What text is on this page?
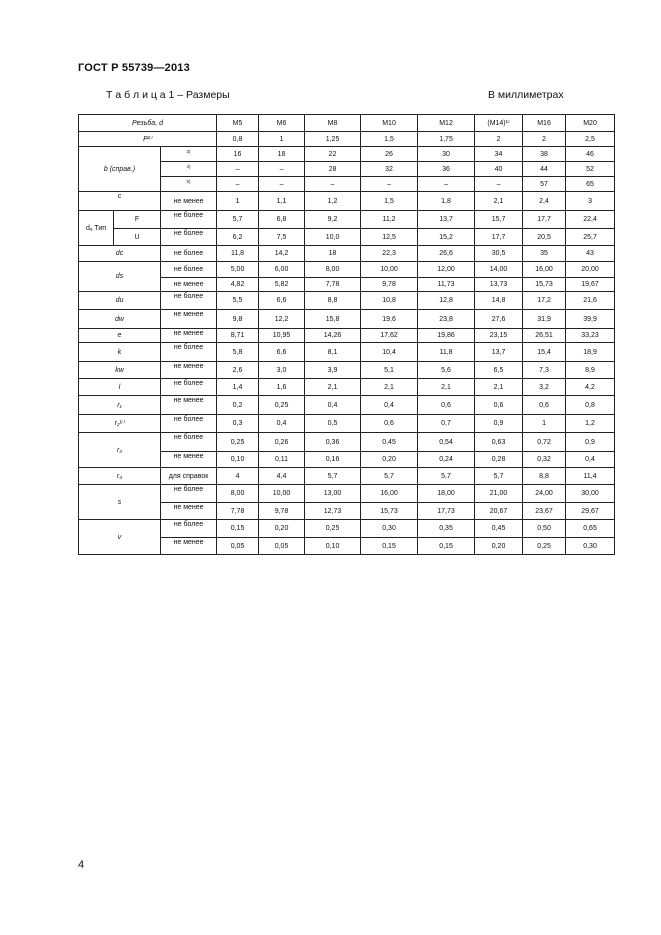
ГОСТ Р 55739—2013
Т а б л и ц а 1 – Размеры	В миллиметрах
Резьба, d			M5	M6	M8	M10	M12	(M14)¹⁾	M16	M20
P²⁾			0,8	1	1,25	1,5	1,75	2	2	2,5
b (справ.)		3)	16	18	22	26	30	34	38	46
		4)	–	–	28	32	36	40	44	52
		5)	–	–	–	–	–	–	57	65
c		не менее	1	1,1	1,2	1,5	1,8	2,1	2,4	3
dₐ Тип	F	не более	5,7	6,8	9,2	11,2	13,7	15,7	17,7	22,4
	U	не более	6,2	7,5	10,0	12,5	15,2	17,7	20,5	25,7
dc		не более	11,8	14,2	18	22,3	26,6	30,5	35	43
ds		не более	5,00	6,00	8,00	10,00	12,00	14,00	16,00	20,00
		не менее	4,82	5,82	7,78	9,78	11,73	13,73	15,73	19,67
du		не более	5,5	6,6	8,8	10,8	12,8	14,8	17,2	21,6
dw		не менее	9,8	12,2	15,8	19,6	23,8	27,6	31,9	39,9
e		не менее	8,71	10,95	14,26	17,62	19,86	23,15	26,51	33,23
k		не более	5,8	6,6	8,1	10,4	11,8	13,7	15,4	18,9
kw		не менее	2,6	3,0	3,9	5,1	5,6	6,5	7,3	8,9
l		не более	1,4	1,6	2,1	2,1	2,1	2,1	3,2	4,2
r₁		не менее	0,2	0,25	0,4	0,4	0,6	0,6	0,6	0,8
r₂⁶⁾		не более	0,3	0,4	0,5	0,6	0,7	0,9	1	1,2
r₃		не более	0,25	0,26	0,36	0,45	0,54	0,63	0,72	0,9
		не менее	0,10	0,11	0,16	0,20	0,24	0,28	0,32	0,4
r₄		для справок	4	4,4	5,7	5,7	5,7	5,7	8,8	11,4
s		не более	8,00	10,00	13,00	16,00	18,00	21,00	24,00	30,00
		не менее	7,78	9,78	12,73	15,73	17,73	20,67	23,67	29,67
v		не более	0,15	0,20	0,25	0,30	0,35	0,45	0,50	0,65
		не менее	0,05	0,05	0,10	0,15	0,15	0,20	0,25	0,30
4
